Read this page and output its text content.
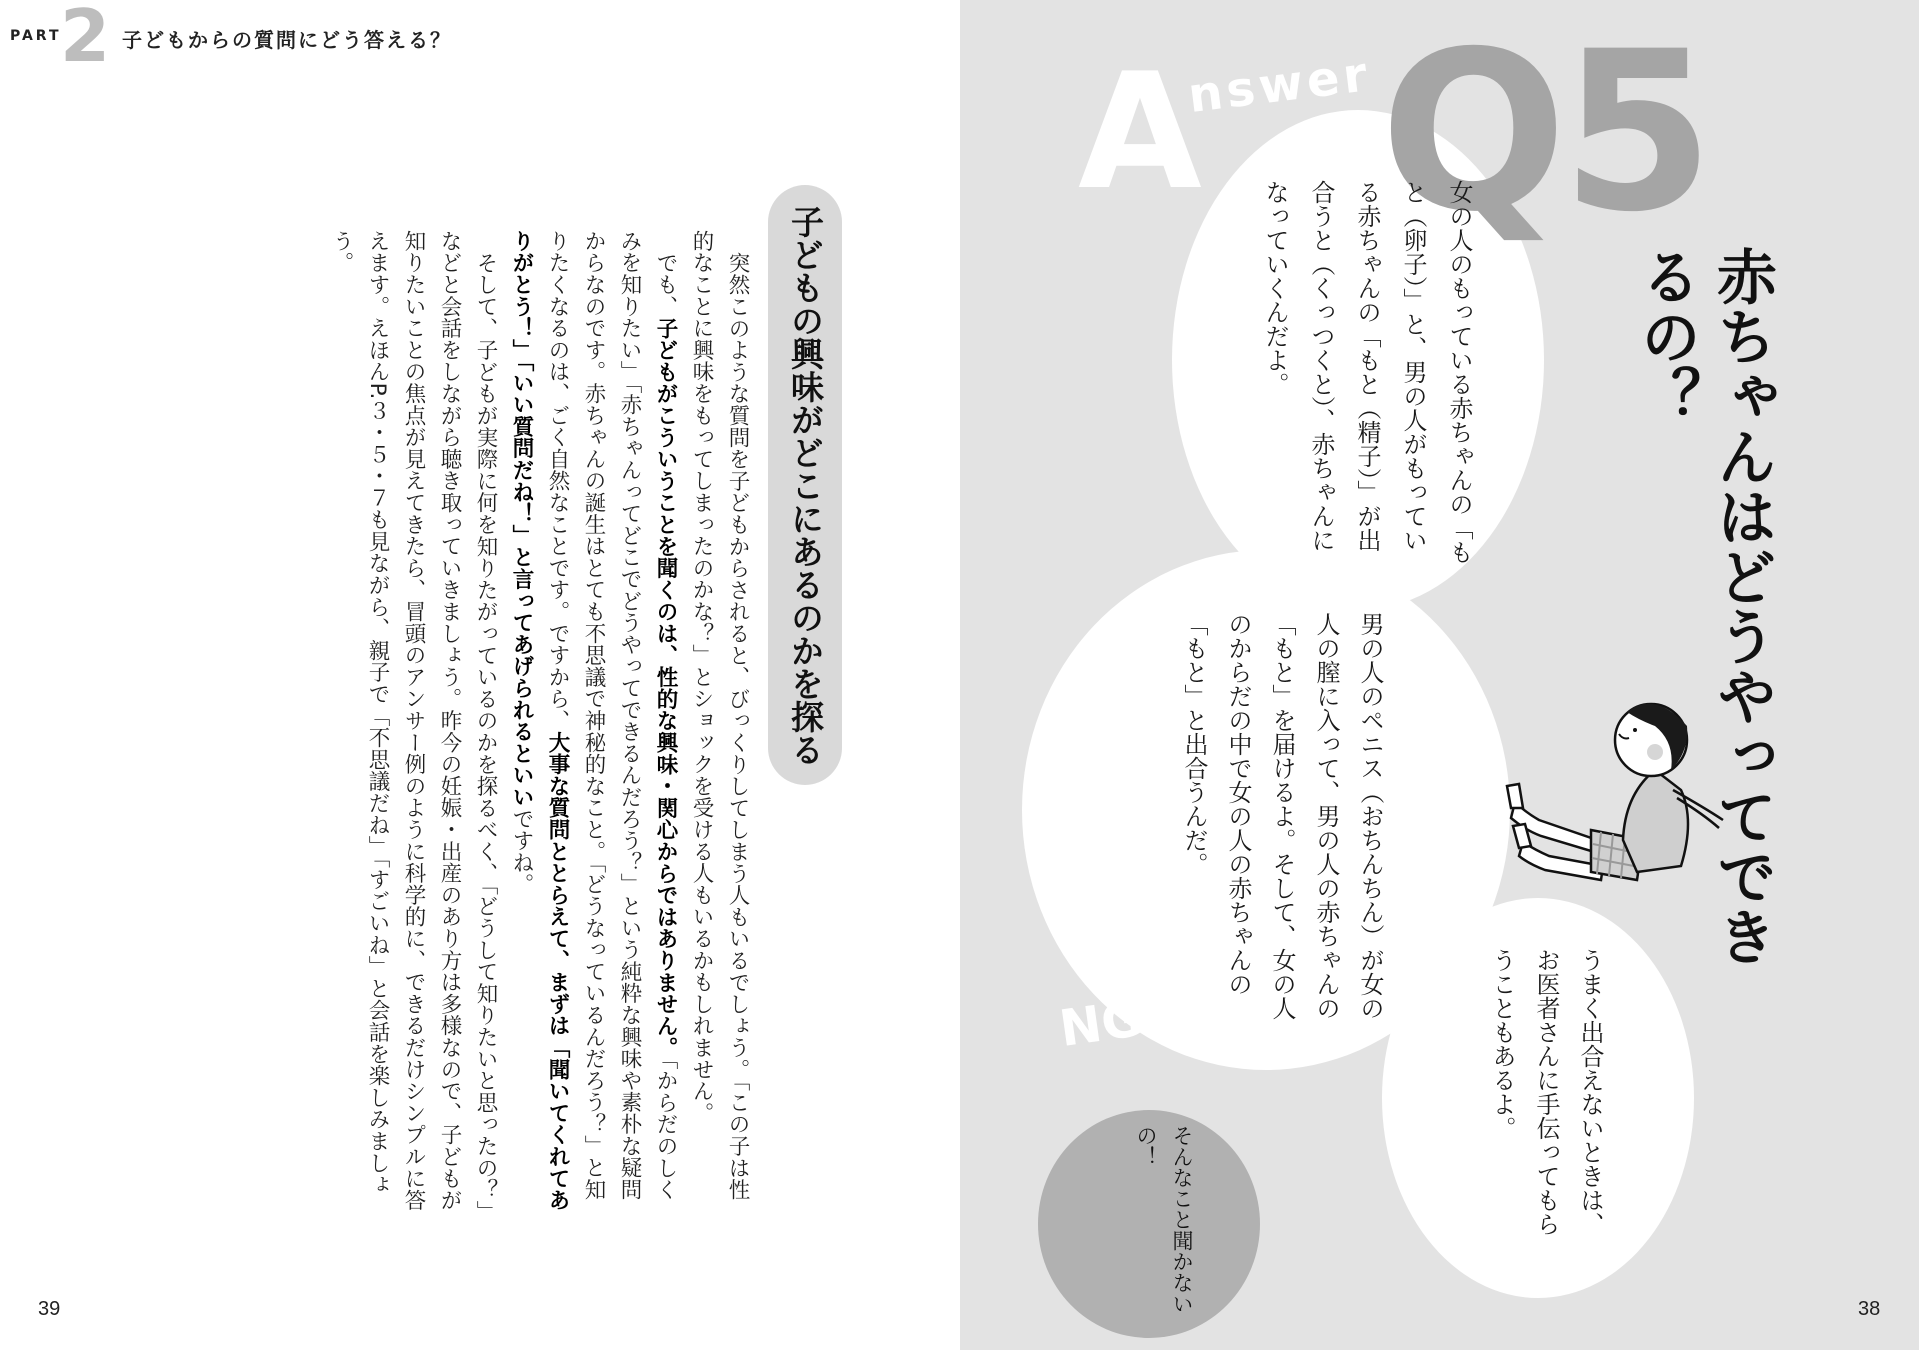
PART
2 子どもからの質問にどう答える？
子どもの興味がどこにあるのかを探る

突然このような質問を子どもからされると、びっくりしてしまう人もいるでしょう。「この子は性的なことに興味をもってしまったのかな？」とショックを受ける人もいるかもしれません。

でも、子どもがこういうことを聞くのは、性的な興味・関心からではありません。「からだのしくみを知りたい」「赤ちゃんってどこでどうやってできるんだろう？」という純粋な興味や素朴な疑問からなのです。赤ちゃんの誕生はとても不思議で神秘的なこと。「どうなっているんだろう？」と知りたくなるのは、ごく自然なことです。ですから、大事な質問ととらえて、まずは「聞いてくれてありがとう！」「いい質問だね！」と言ってあげられるといいですね。

そして、子どもが実際に何を知りたがっているのかを探るべく、「どうして知りたいと思ったの？」などと会話をしながら聴き取っていきましょう。昨今の妊娠・出産のあり方は多様なので、子どもが知りたいことの焦点が見えてきたら、冒頭のアンサー例のように科学的に、できるだけシンプルに答えます。えほんP.３・５・７も見ながら、親子で「不思議だね」「すごいね」と会話を楽しみましょう。

39
A
nswer Q5
赤ちゃんはどうやってできるの？
女の人のもっている赤ちゃんの「もと（卵子）」と、男の人がもっている赤ちゃんの「もと（精子）」が出合うと（くっつくと）、赤ちゃんになっていくんだよ。
男の人のペニス（おちんちん）が女の人の膣に入って、男の人の赤ちゃんの「もと」を届けるよ。そして、女の人のからだの中で女の人の赤ちゃんの「もと」と出合うんだ。
うまく出合えないときは、お医者さんに手伝ってもらうこともあるよ。
NGword
そんなこと聞かないの！
38
